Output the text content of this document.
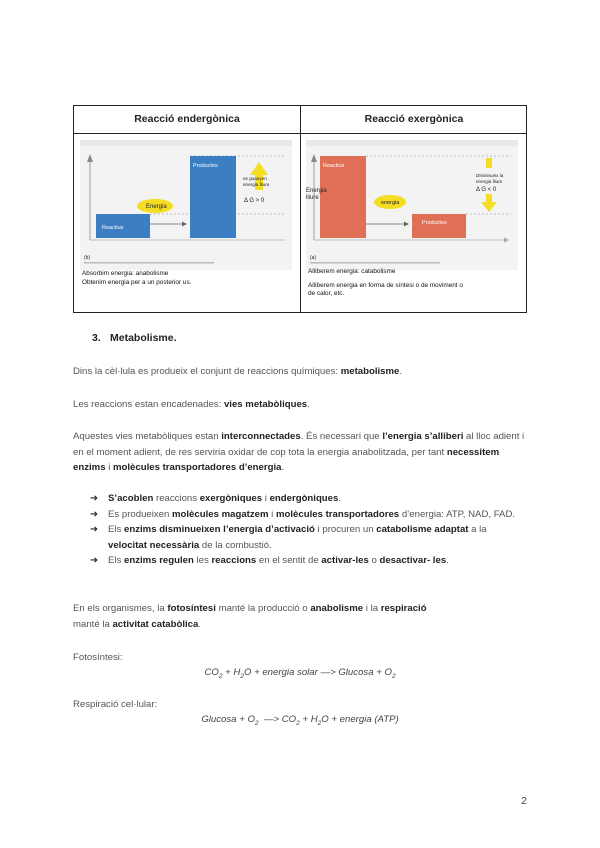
Reacció endergònica	Reacció exergònica
Reactius
Productes
Energia
es guanyen energia lliure
Δ G > 0
(b)
Reactius
Productes
Energia lliure
energia
Disminueix la energia lliure
Δ G < 0
(a)
Absorbim energia: anabolisme
Obtenim energia per a un posterior us.
Alliberem energia: catabolisme
Alliberem energia en forma de síntesi o de moviment o
de calor, etc.
3. Metabolisme.
Dins la cèl·lula es produeix el conjunt de reaccions químiques: metabolisme.
Les reaccions estan encadenades: vies metabòliques.
Aquestes vies metabòliques estan interconnectades. És necessari que l’energia s’alliberi al lloc adient i en el moment adient, de res serviria oxidar de cop tota la energia anabolitzada, per tant necessitem enzims i molècules transportadores d’energia.
➔ S’acoblen reaccions exergòniques i endergòniques.
➔ Es produeixen molècules magatzem i molècules transportadores d’energia: ATP, NAD, FAD.
➔ Els enzims disminueixen l’energia d’activació i procuren un catabolisme adaptat a la velocitat necessària de la combustió.
➔ Els enzims regulen les reaccions en el sentit de activar-les o desactivar- les.
En els organismes, la fotosíntesi manté la producció o anabolisme i la respiració
manté la activitat catabòlica.
Fotosíntesi:
$CO_2 + H_2O$ + energia solar —> $Glucosa + O_2$
Respiració cel·lular:
$Glucosa + O_2$  —> $CO_2 + H_2O$ + energia (ATP)
2
